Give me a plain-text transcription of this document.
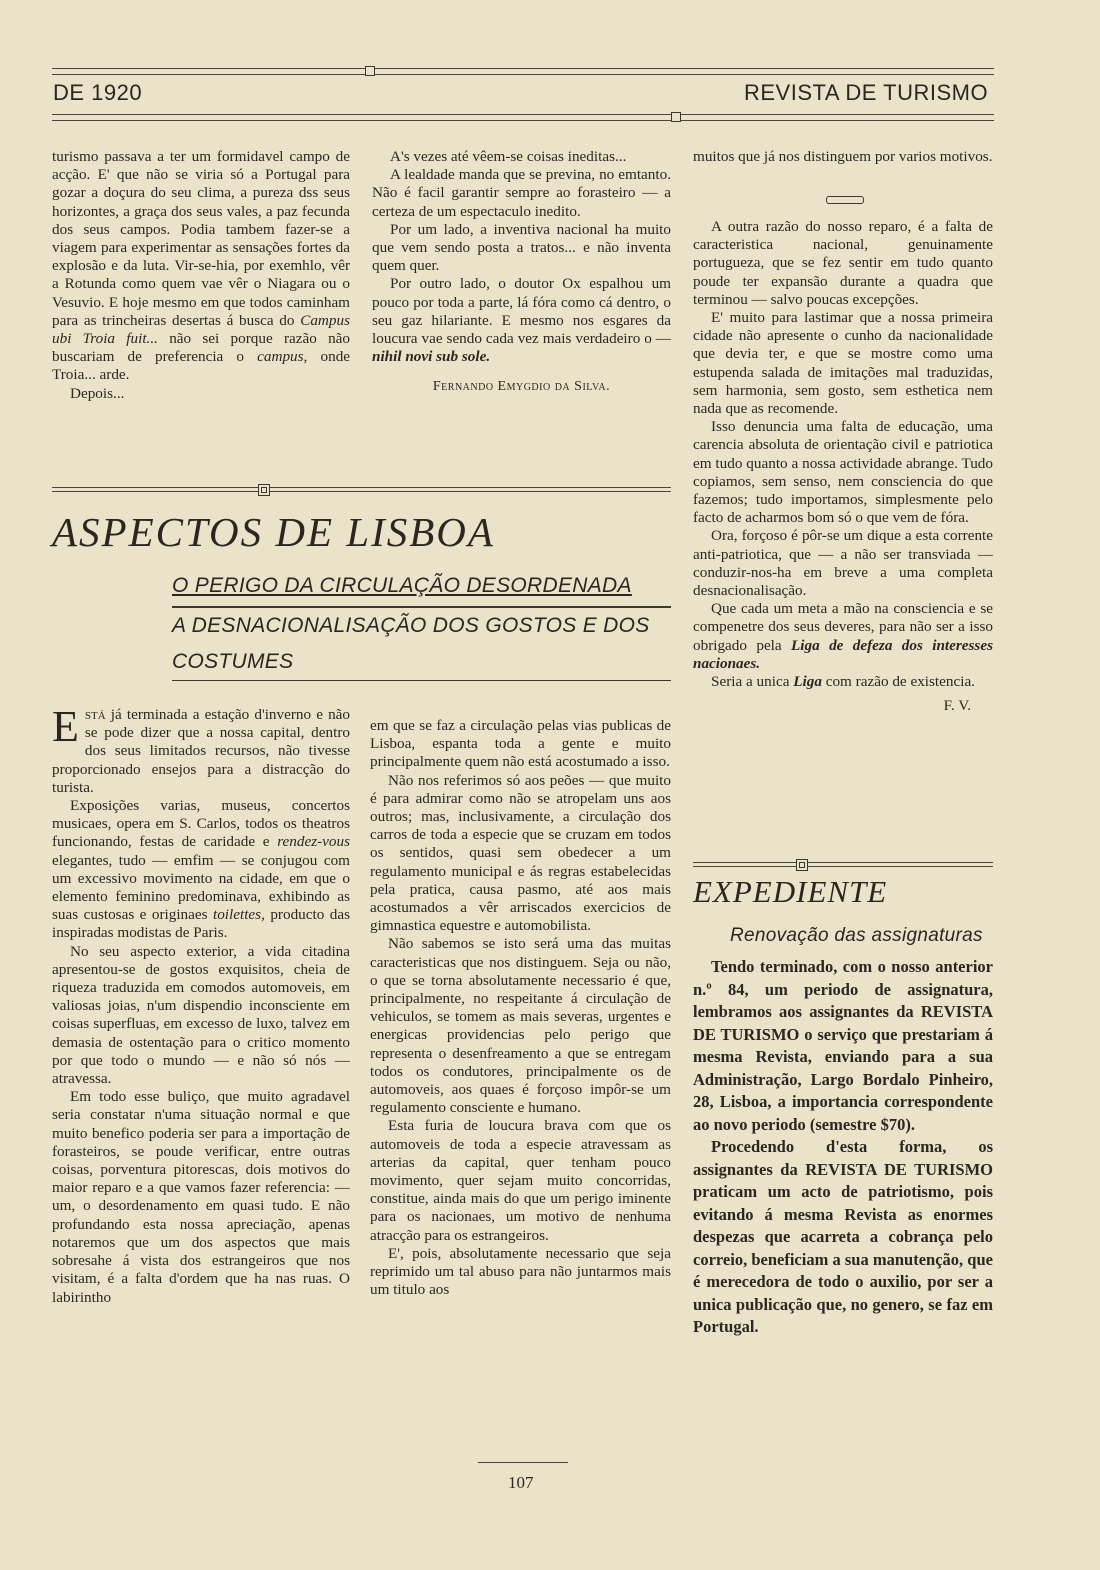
DE 1920	REVISTA DE TURISMO

turismo passava a ter um formidavel campo de acção. E' que não se viria só a Portugal para gozar a doçura do seu clima, a pureza dss seus horizontes, a graça dos seus vales, a paz fecunda dos seus campos. Podia tambem fazer-se a viagem para experimentar as sensações fortes da explosão e da luta. Vir-se-hia, por exemhlo, vêr a Rotunda como quem vae vêr o Niagara ou o Vesuvio. E hoje mesmo em que todos caminham para as trincheiras desertas á busca do Campus ubi Troia fuit... não sei porque razão não buscariam de preferencia o campus, onde Troia... arde.

Depois...

A's vezes até vêem-se coisas ineditas...

A lealdade manda que se previna, no emtanto. Não é facil garantir sempre ao forasteiro — a certeza de um espectaculo inedito.

Por um lado, a inventiva nacional ha muito que vem sendo posta a tratos... e não inventa quem quer.

Por outro lado, o doutor Ox espalhou um pouco por toda a parte, lá fóra como cá dentro, o seu gaz hilariante. E mesmo nos esgares da loucura vae sendo cada vez mais verdadeiro o — nihil novi sub sole.

Fernando Emygdio da Silva.

muitos que já nos distinguem por varios motivos.

ASPECTOS DE LISBOA
O PERIGO DA CIRCULAÇÃO DESORDENADA
A DESNACIONALISAÇÃO DOS GOSTOS E DOS COSTUMES

Está já terminada a estação d'inverno e não se pode dizer que a nossa capital, dentro dos seus limitados recursos, não tivesse proporcionado ensejos para a distracção do turista.

Exposições varias, museus, concertos musicaes, opera em S. Carlos, todos os theatros funcionando, festas de caridade e rendez-vous elegantes, tudo — emfim — se conjugou com um excessivo movimento na cidade, em que o elemento feminino predominava, exhibindo as suas custosas e originaes toilettes, producto das inspiradas modistas de Paris.

No seu aspecto exterior, a vida citadina apresentou-se de gostos exquisitos, cheia de riqueza traduzida em comodos automoveis, em valiosas joias, n'um dispendio inconsciente em coisas superfluas, em excesso de luxo, talvez em demasia de ostentação para o critico momento por que todo o mundo — e não só nós — atravessa.

Em todo esse buliço, que muito agradavel seria constatar n'uma situação normal e que muito benefico poderia ser para a importação de forasteiros, se poude verificar, entre outras coisas, porventura pitorescas, dois motivos do maior reparo e a que vamos fazer referencia: — um, o desordenamento em quasi tudo. E não profundando esta nossa apreciação, apenas notaremos que um dos aspectos que mais sobresahe á vista dos estrangeiros que nos visitam, é a falta d'ordem que ha nas ruas. O labirintho

em que se faz a circulação pelas vias publicas de Lisboa, espanta toda a gente e muito principalmente quem não está acostumado a isso.

Não nos referimos só aos peões — que muito é para admirar como não se atropelam uns aos outros; mas, inclusivamente, a circulação dos carros de toda a especie que se cruzam em todos os sentidos, quasi sem obedecer a um regulamento municipal e ás regras estabelecidas pela pratica, causa pasmo, até aos mais acostumados a vêr arriscados exercicios de gimnastica equestre e automobilista.

Não sabemos se isto será uma das muitas caracteristicas que nos distinguem. Seja ou não, o que se torna absolutamente necessario é que, principalmente, no respeitante á circulação de vehiculos, se tomem as mais severas, urgentes e energicas providencias pelo perigo que representa o desenfreamento a que se entregam todos os condutores, principalmente os de automoveis, aos quaes é forçoso impôr-se um regulamento consciente e humano.

Esta furia de loucura brava com que os automoveis de toda a especie atravessam as arterias da capital, quer tenham pouco movimento, quer sejam muito concorridas, constitue, ainda mais do que um perigo iminente para os nacionaes, um motivo de nenhuma atracção para os estrangeiros.

E', pois, absolutamente necessario que seja reprimido um tal abuso para não juntarmos mais um titulo aos

A outra razão do nosso reparo, é a falta de caracteristica nacional, genuinamente portugueza, que se fez sentir em tudo quanto poude ter expansão durante a quadra que terminou — salvo poucas excepções.

E' muito para lastimar que a nossa primeira cidade não apresente o cunho da nacionalidade que devia ter, e que se mostre como uma estupenda salada de imitações mal traduzidas, sem harmonia, sem gosto, sem esthetica nem nada que as recomende.

Isso denuncia uma falta de educação, uma carencia absoluta de orientação civil e patriotica em tudo quanto a nossa actividade abrange. Tudo copiamos, sem senso, nem consciencia do que fazemos; tudo importamos, simplesmente pelo facto de acharmos bom só o que vem de fóra.

Ora, forçoso é pôr-se um dique a esta corrente anti-patriotica, que — a não ser transviada — conduzir-nos-ha em breve a uma completa desnacionalisação.

Que cada um meta a mão na consciencia e se compenetre dos seus deveres, para não ser a isso obrigado pela Liga de defeza dos interesses nacionaes.

Seria a unica Liga com razão de existencia.

F. V.

EXPEDIENTE
Renovação das assignaturas

Tendo terminado, com o nosso anterior n.º 84, um periodo de assignatura, lembramos aos assignantes da REVISTA DE TURISMO o serviço que prestariam á mesma Revista, enviando para a sua Administração, Largo Bordalo Pinheiro, 28, Lisboa, a importancia correspondente ao novo periodo (semestre $70).

Procedendo d'esta forma, os assignantes da REVISTA DE TURISMO praticam um acto de patriotismo, pois evitando á mesma Revista as enormes despezas que acarreta a cobrança pelo correio, beneficiam a sua manutenção, que é merecedora de todo o auxilio, por ser a unica publicação que, no genero, se faz em Portugal.

107
